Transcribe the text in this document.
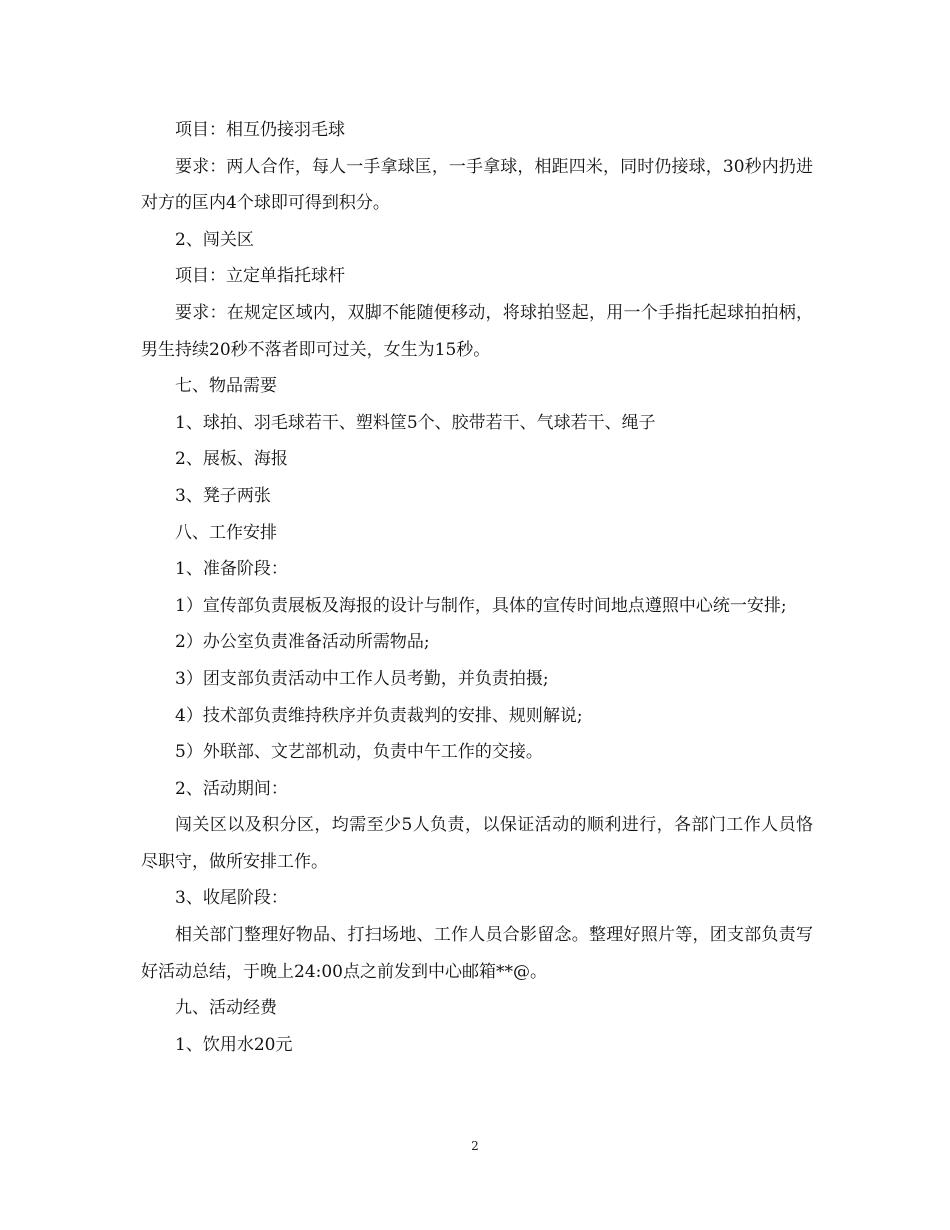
项目：相互仍接羽毛球

要求：两人合作，每人一手拿球匡，一手拿球，相距四米，同时仍接球，30秒内扔进对方的匡内4个球即可得到积分。

2、闯关区

项目：立定单指托球杆

要求：在规定区域内，双脚不能随便移动，将球拍竖起，用一个手指托起球拍拍柄，男生持续20秒不落者即可过关，女生为15秒。

七、物品需要

1、球拍、羽毛球若干、塑料筐5个、胶带若干、气球若干、绳子

2、展板、海报

3、凳子两张

八、工作安排

1、准备阶段：

1）宣传部负责展板及海报的设计与制作，具体的宣传时间地点遵照中心统一安排;

2）办公室负责准备活动所需物品;

3）团支部负责活动中工作人员考勤，并负责拍摄;

4）技术部负责维持秩序并负责裁判的安排、规则解说;

5）外联部、文艺部机动，负责中午工作的交接。

2、活动期间：

闯关区以及积分区，均需至少5人负责，以保证活动的顺利进行，各部门工作人员恪尽职守，做所安排工作。

3、收尾阶段：

相关部门整理好物品、打扫场地、工作人员合影留念。整理好照片等，团支部负责写好活动总结，于晚上24:00点之前发到中心邮箱**@。

九、活动经费

1、饮用水20元

2
